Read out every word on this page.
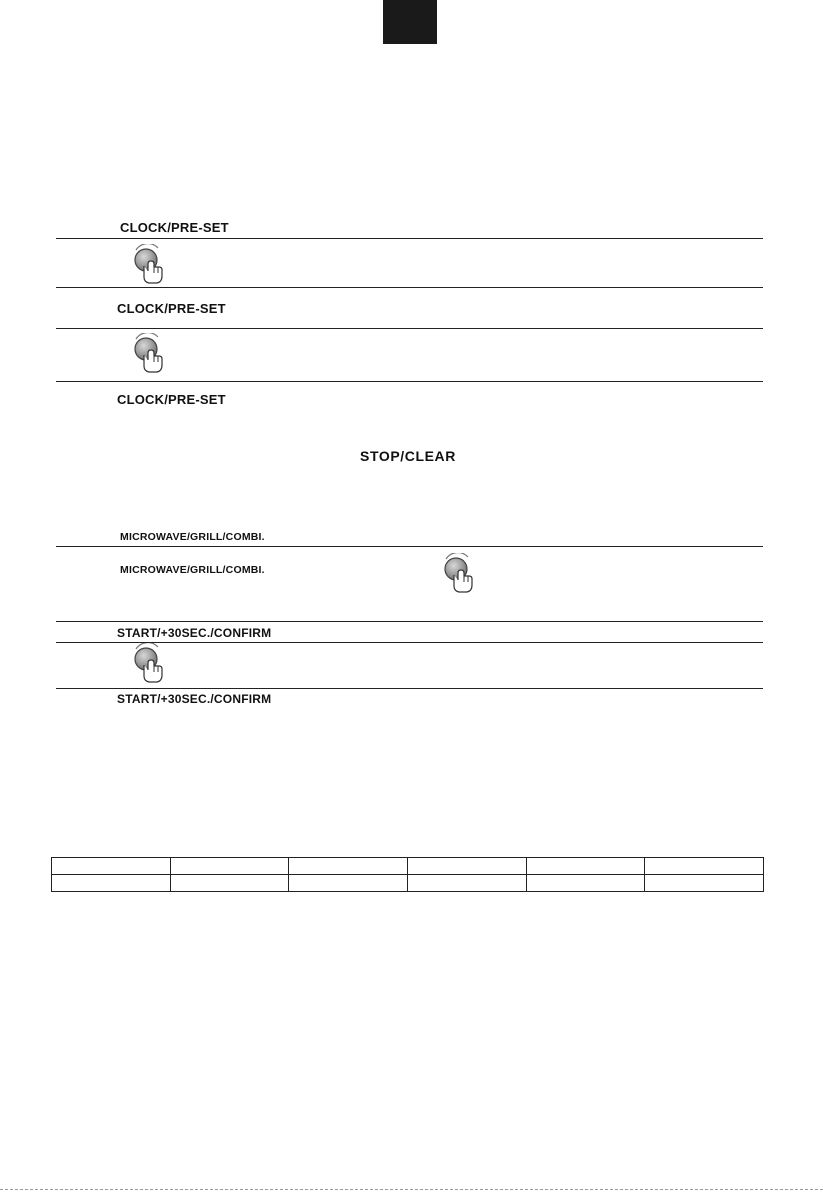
CLOCK/PRE-SET
CLOCK/PRE-SET
CLOCK/PRE-SET
STOP/CLEAR
MICROWAVE/GRILL/COMBI.
MICROWAVE/GRILL/COMBI.
START/+30SEC./CONFIRM
START/+30SEC./CONFIRM
